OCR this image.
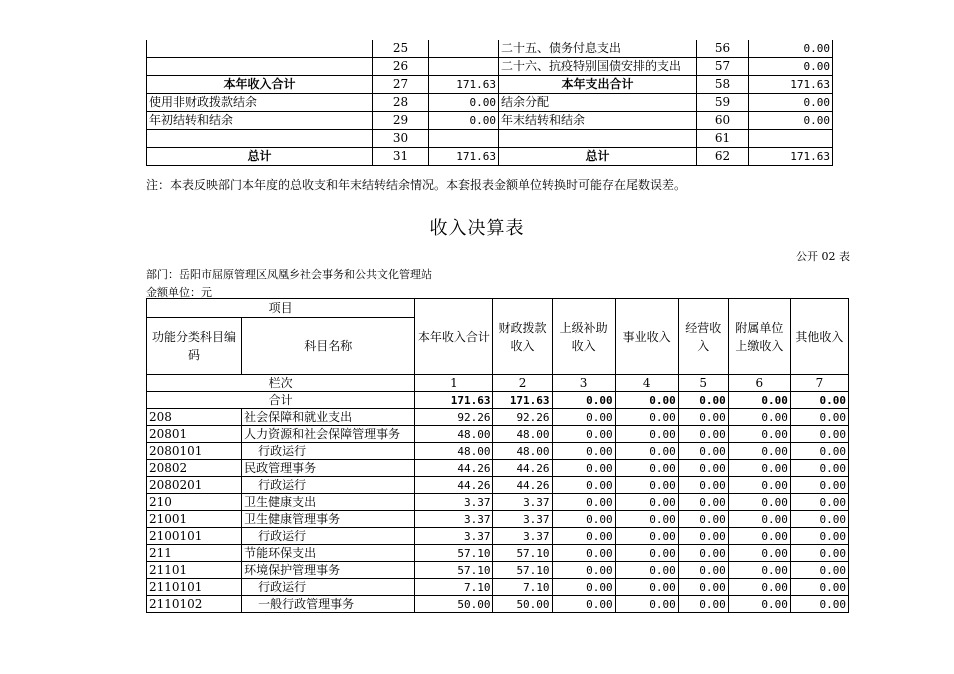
	25		二十五、债务付息支出	56	0.00
	26		二十六、抗疫特别国债安排的支出	57	0.00
本年收入合计	27	171.63	本年支出合计	58	171.63
使用非财政拨款结余	28	0.00	结余分配	59	0.00
年初结转和结余	29	0.00	年末结转和结余	60	0.00
	30			61	
总计	31	171.63	总计	62	171.63
注：本表反映部门本年度的总收支和年末结转结余情况。本套报表金额单位转换时可能存在尾数误差。
收入决算表
公开 02 表
部门：岳阳市屈原管理区凤凰乡社会事务和公共文化管理站
金额单位：元
项目		本年收入合计	财政拨款收入	上级补助收入	事业收入	经营收入	附属单位上缴收入	其他收入
功能分类科目编码	科目名称							
栏次		1	2	3	4	5	6	7
合计		171.63	171.63	0.00	0.00	0.00	0.00	0.00
208	社会保障和就业支出	92.26	92.26	0.00	0.00	0.00	0.00	0.00
20801	人力资源和社会保障管理事务	48.00	48.00	0.00	0.00	0.00	0.00	0.00
2080101	行政运行	48.00	48.00	0.00	0.00	0.00	0.00	0.00
20802	民政管理事务	44.26	44.26	0.00	0.00	0.00	0.00	0.00
2080201	行政运行	44.26	44.26	0.00	0.00	0.00	0.00	0.00
210	卫生健康支出	3.37	3.37	0.00	0.00	0.00	0.00	0.00
21001	卫生健康管理事务	3.37	3.37	0.00	0.00	0.00	0.00	0.00
2100101	行政运行	3.37	3.37	0.00	0.00	0.00	0.00	0.00
211	节能环保支出	57.10	57.10	0.00	0.00	0.00	0.00	0.00
21101	环境保护管理事务	57.10	57.10	0.00	0.00	0.00	0.00	0.00
2110101	行政运行	7.10	7.10	0.00	0.00	0.00	0.00	0.00
2110102	一般行政管理事务	50.00	50.00	0.00	0.00	0.00	0.00	0.00
